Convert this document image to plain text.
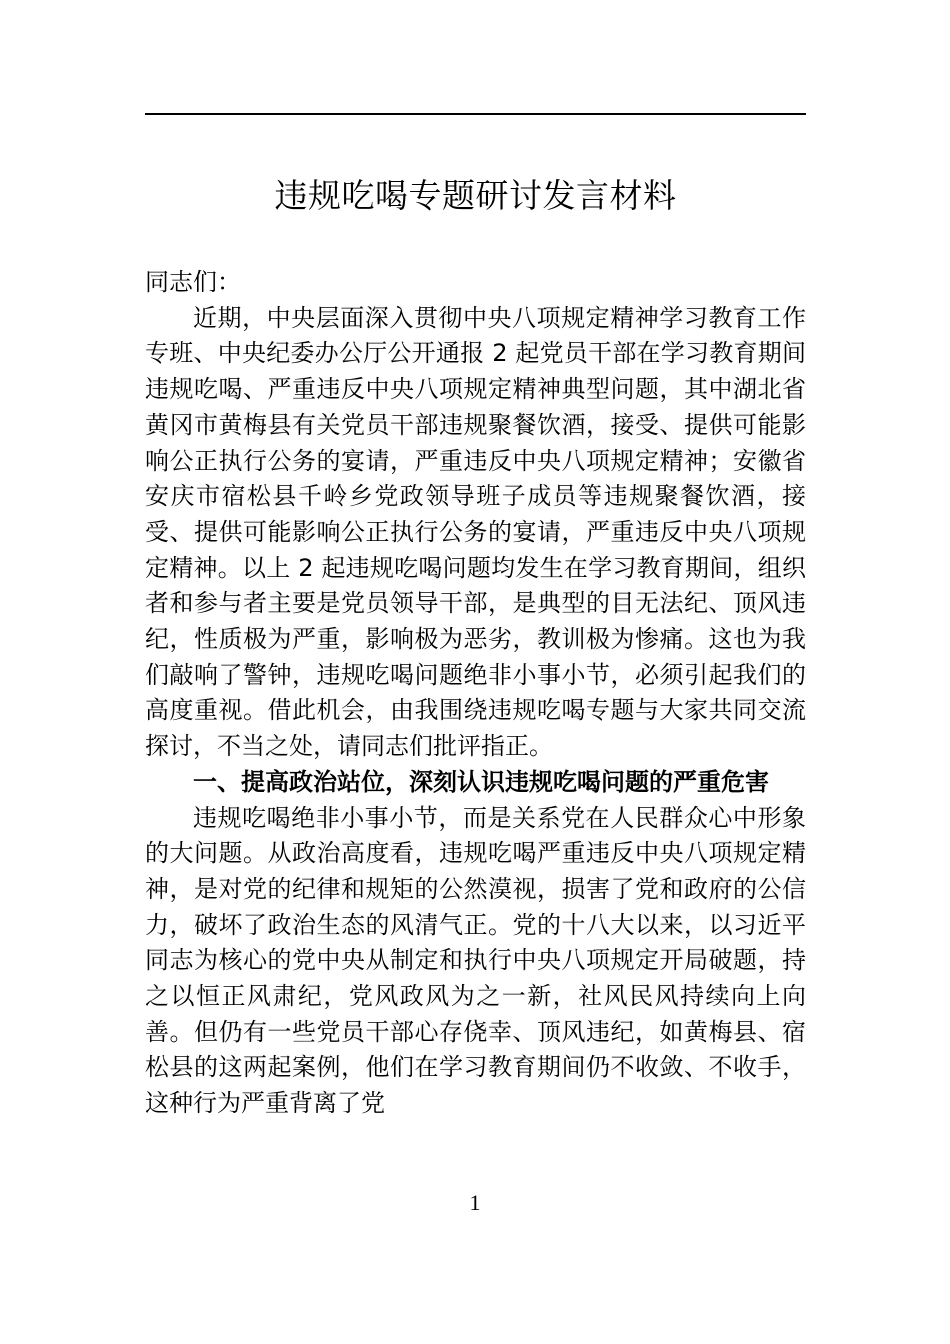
违规吃喝专题研讨发言材料

同志们：

近期，中央层面深入贯彻中央八项规定精神学习教育工作专班、中央纪委办公厅公开通报 2 起党员干部在学习教育期间违规吃喝、严重违反中央八项规定精神典型问题，其中湖北省黄冈市黄梅县有关党员干部违规聚餐饮酒，接受、提供可能影响公正执行公务的宴请，严重违反中央八项规定精神；安徽省安庆市宿松县千岭乡党政领导班子成员等违规聚餐饮酒，接受、提供可能影响公正执行公务的宴请，严重违反中央八项规定精神。以上 2 起违规吃喝问题均发生在学习教育期间，组织者和参与者主要是党员领导干部，是典型的目无法纪、顶风违纪，性质极为严重，影响极为恶劣，教训极为惨痛。这也为我们敲响了警钟，违规吃喝问题绝非小事小节，必须引起我们的高度重视。借此机会，由我围绕违规吃喝专题与大家共同交流探讨，不当之处，请同志们批评指正。

一、提高政治站位，深刻认识违规吃喝问题的严重危害

违规吃喝绝非小事小节，而是关系党在人民群众心中形象的大问题。从政治高度看，违规吃喝严重违反中央八项规定精神，是对党的纪律和规矩的公然漠视，损害了党和政府的公信力，破坏了政治生态的风清气正。党的十八大以来，以习近平同志为核心的党中央从制定和执行中央八项规定开局破题，持之以恒正风肃纪，党风政风为之一新，社风民风持续向上向善。但仍有一些党员干部心存侥幸、顶风违纪，如黄梅县、宿松县的这两起案例，他们在学习教育期间仍不收敛、不收手，这种行为严重背离了党

1
